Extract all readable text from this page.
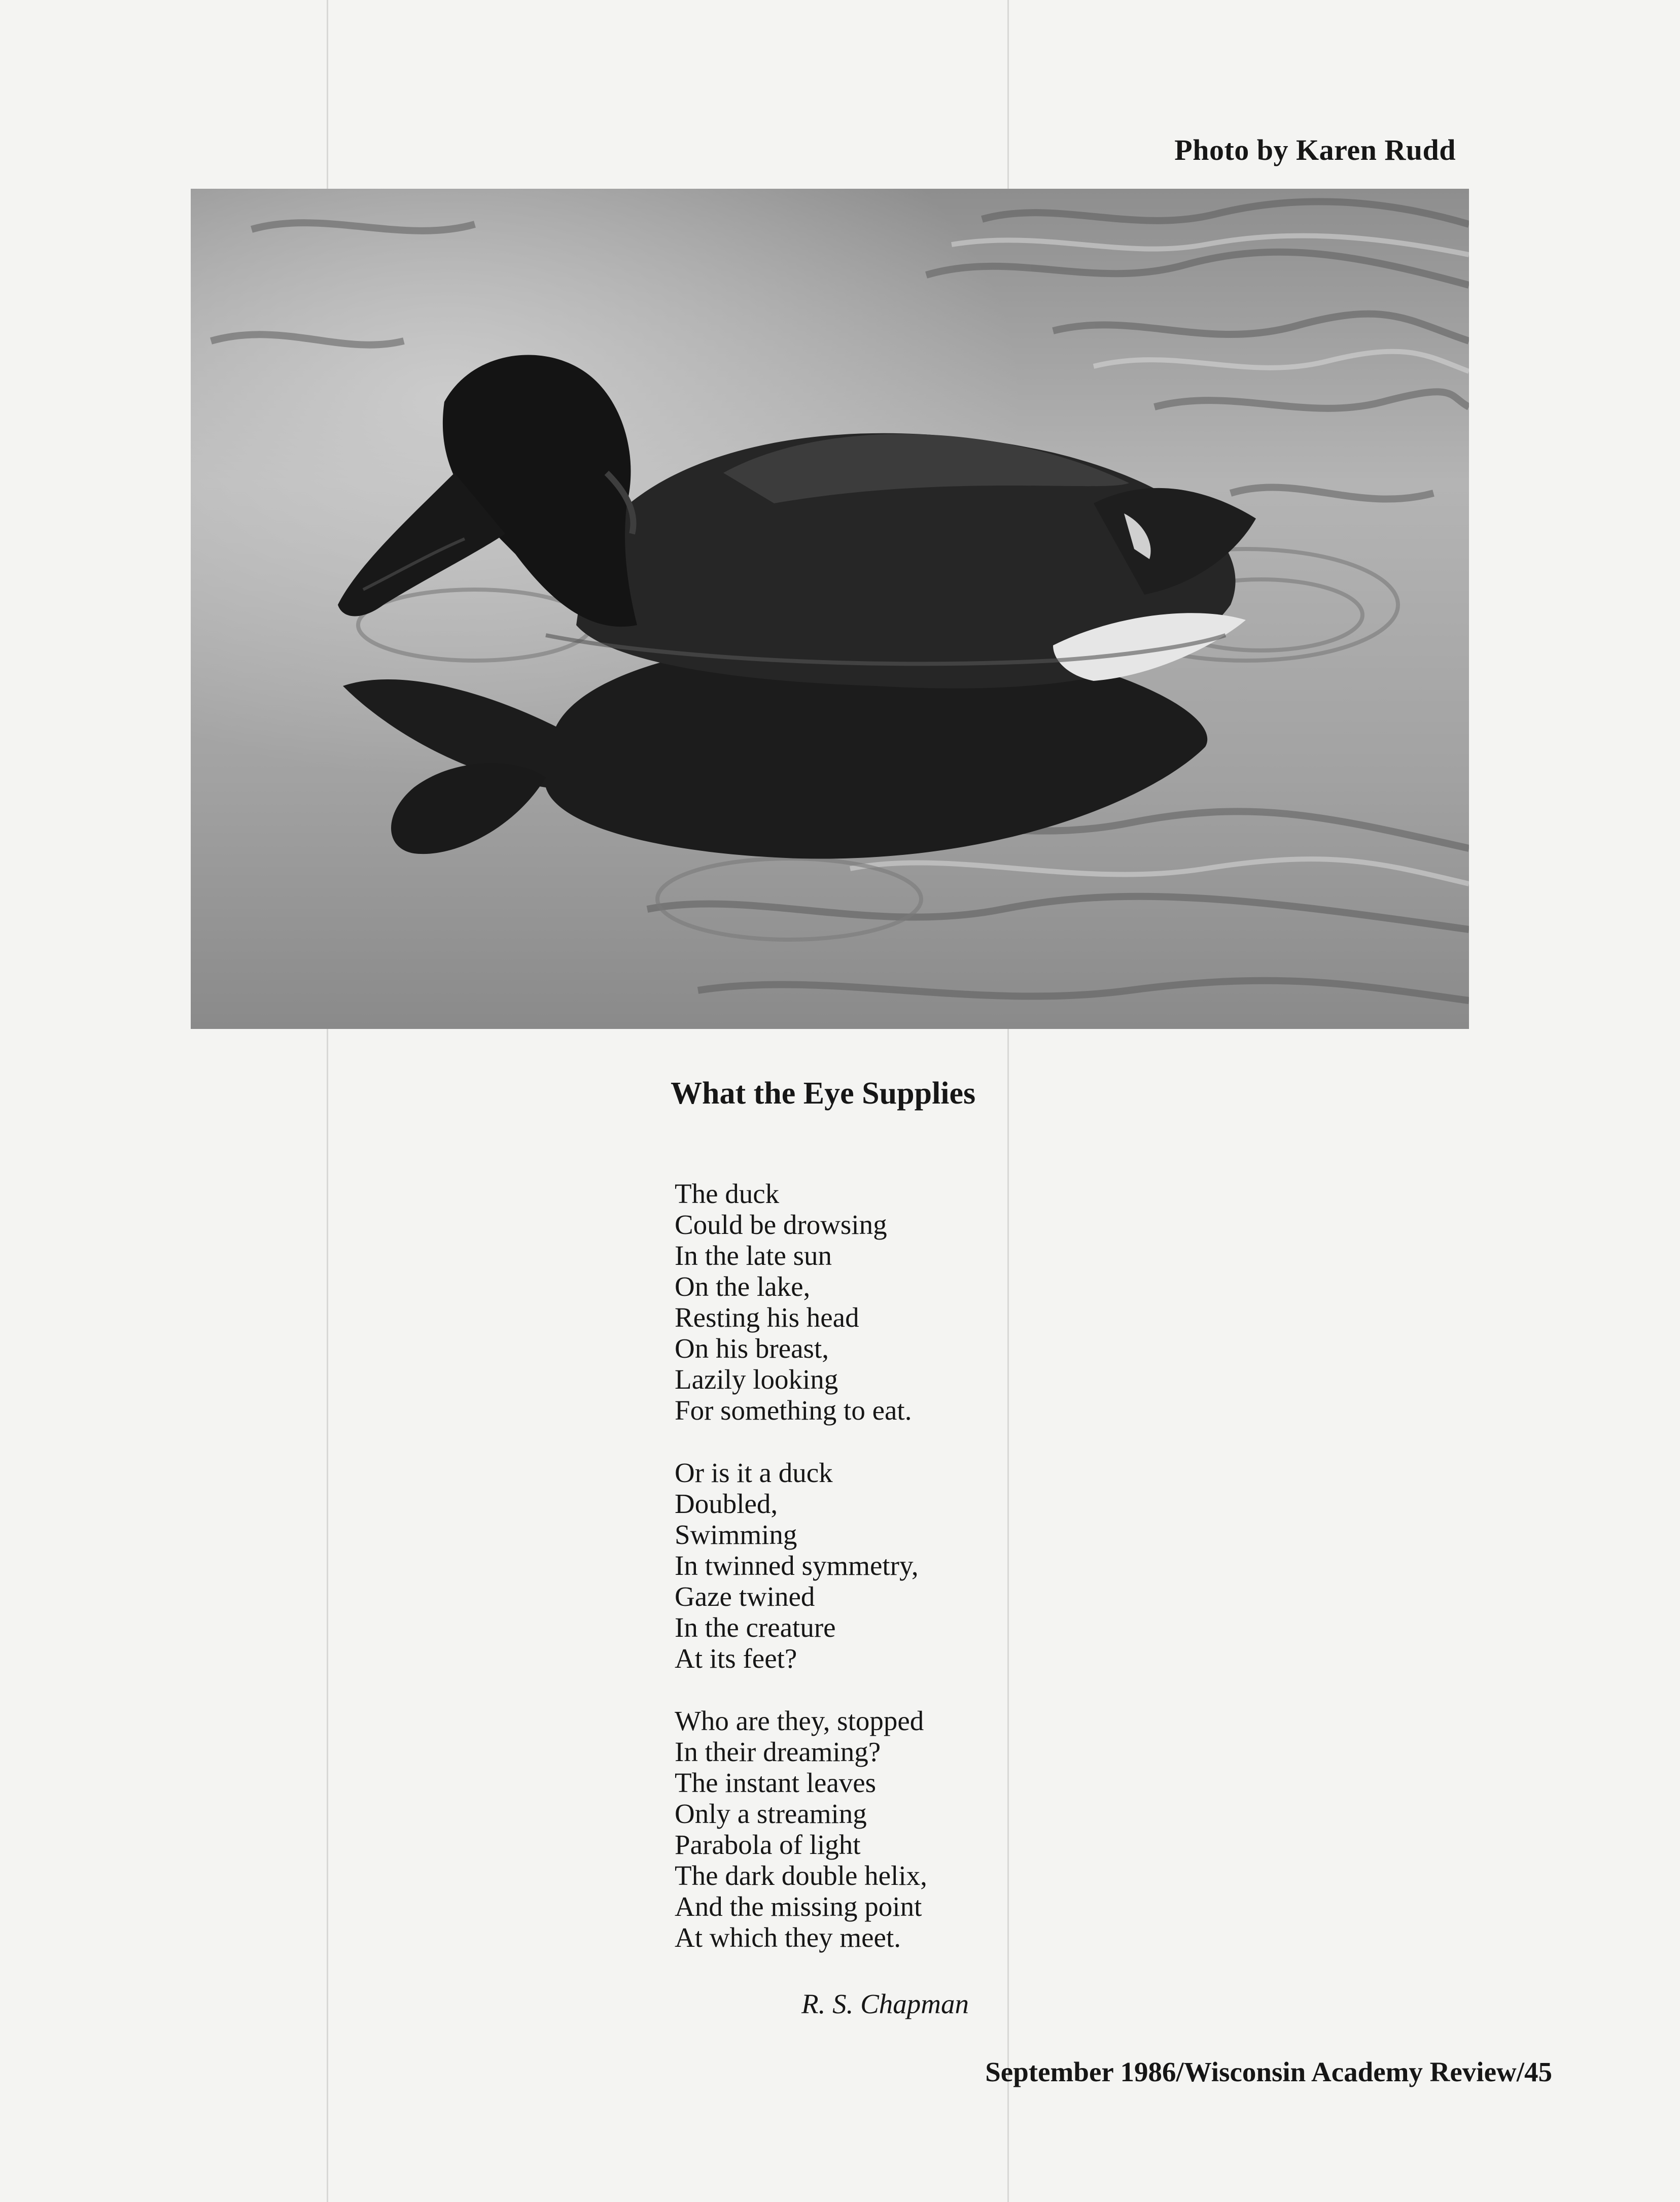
Photo by Karen Rudd
What the Eye Supplies
The duck
Could be drowsing
In the late sun
On the lake,
Resting his head
On his breast,
Lazily looking
For something to eat.
Or is it a duck
Doubled,
Swimming
In twinned symmetry,
Gaze twined
In the creature
At its feet?
Who are they, stopped
In their dreaming?
The instant leaves
Only a streaming
Parabola of light
The dark double helix,
And the missing point
At which they meet.
R. S. Chapman
September 1986/Wisconsin Academy Review/45
